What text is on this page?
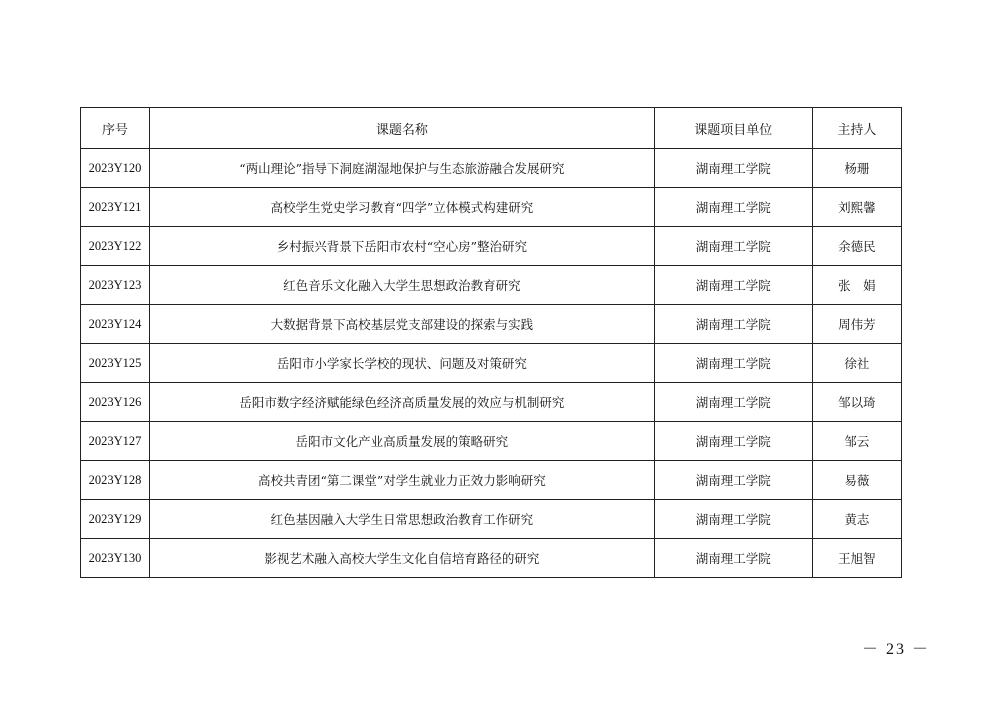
序号	课题名称	课题项目单位	主持人
2023Y120	“两山理论”指导下洞庭湖湿地保护与生态旅游融合发展研究	湖南理工学院	杨珊
2023Y121	高校学生党史学习教育“四学”立体模式构建研究	湖南理工学院	刘熙馨
2023Y122	乡村振兴背景下岳阳市农村“空心房”整治研究	湖南理工学院	余德民
2023Y123	红色音乐文化融入大学生思想政治教育研究	湖南理工学院	张　娟
2023Y124	大数据背景下高校基层党支部建设的探索与实践	湖南理工学院	周伟芳
2023Y125	岳阳市小学家长学校的现状、问题及对策研究	湖南理工学院	徐社
2023Y126	岳阳市数字经济赋能绿色经济高质量发展的效应与机制研究	湖南理工学院	邹以琦
2023Y127	岳阳市文化产业高质量发展的策略研究	湖南理工学院	邹云
2023Y128	高校共青团“第二课堂”对学生就业力正效力影响研究	湖南理工学院	易薇
2023Y129	红色基因融入大学生日常思想政治教育工作研究	湖南理工学院	黄志
2023Y130	影视艺术融入高校大学生文化自信培育路径的研究	湖南理工学院	王旭智
－ 23 －
